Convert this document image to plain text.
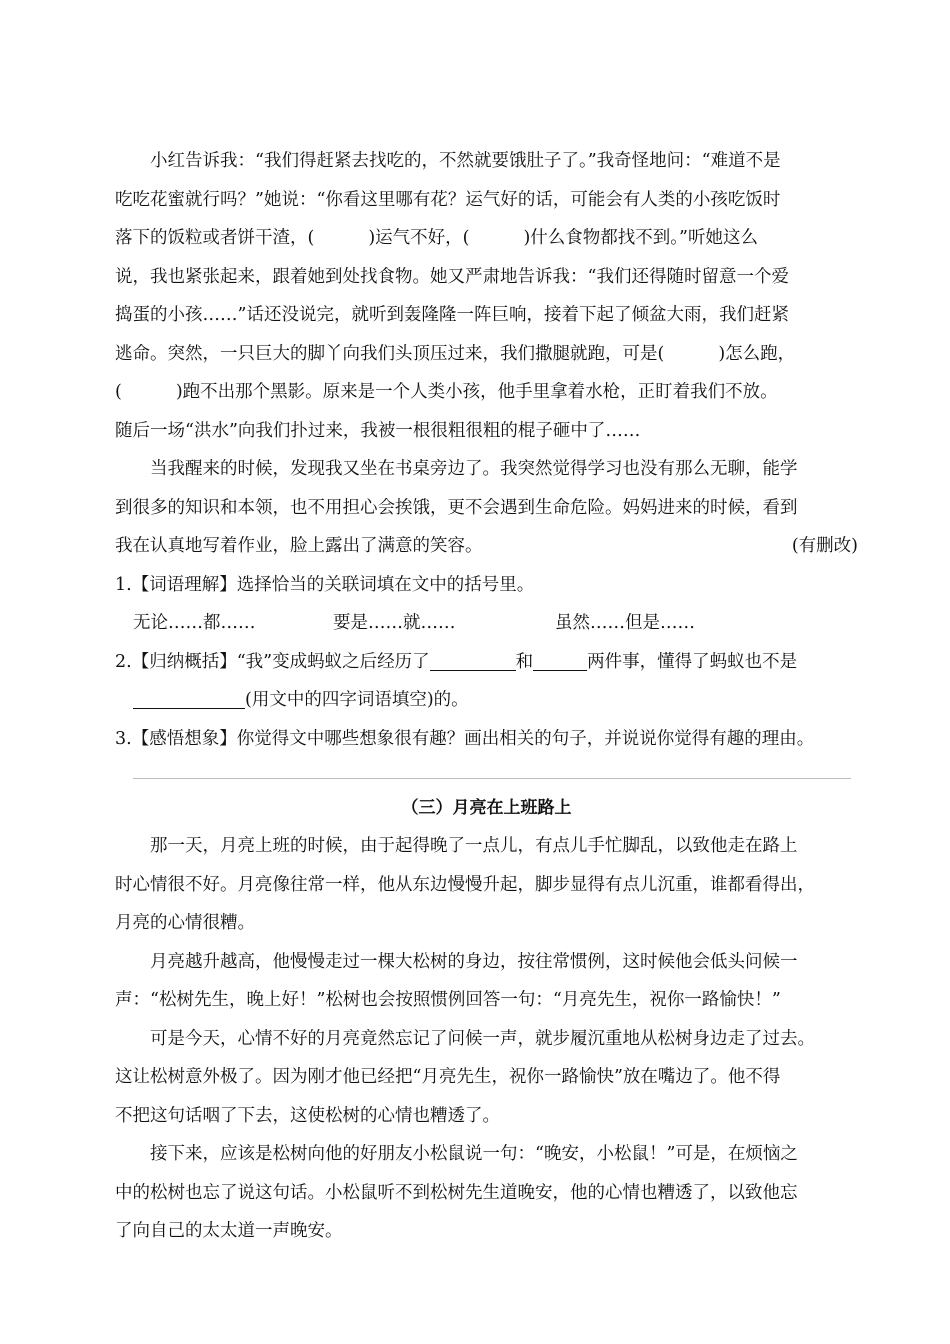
小红告诉我：“我们得赶紧去找吃的，不然就要饿肚子了。”我奇怪地问：“难道不是
吃吃花蜜就行吗？”她说：“你看这里哪有花？运气好的话，可能会有人类的小孩吃饭时
落下的饭粒或者饼干渣，(	)运气不好，(	)什么食物都找不到。”听她这么
说，我也紧张起来，跟着她到处找食物。她又严肃地告诉我：“我们还得随时留意一个爱
捣蛋的小孩……”话还没说完，就听到轰隆隆一阵巨响，接着下起了倾盆大雨，我们赶紧
逃命。突然，一只巨大的脚丫向我们头顶压过来，我们撒腿就跑，可是(	)怎么跑，
(	)跑不出那个黑影。原来是一个人类小孩，他手里拿着水枪，正盯着我们不放。
随后一场“洪水”向我们扑过来，我被一根很粗很粗的棍子砸中了……
当我醒来的时候，发现我又坐在书桌旁边了。我突然觉得学习也没有那么无聊，能学
到很多的知识和本领，也不用担心会挨饿，更不会遇到生命危险。妈妈进来的时候，看到
我在认真地写着作业，脸上露出了满意的笑容。	(有删改)

1.【词语理解】选择恰当的关联词填在文中的括号里。

无论……都……	要是……就……	虽然……但是……

2.【归纳概括】“我”变成蚂蚁之后经历了	和	两件事，懂得了蚂蚁也不是

(用文中的四字词语填空)的。

3.【感悟想象】你觉得文中哪些想象很有趣？画出相关的句子，并说说你觉得有趣的理由。

（三）月亮在上班路上
那一天，月亮上班的时候，由于起得晚了一点儿，有点儿手忙脚乱，以致他走在路上
时心情很不好。月亮像往常一样，他从东边慢慢升起，脚步显得有点儿沉重，谁都看得出，
月亮的心情很糟。
月亮越升越高，他慢慢走过一棵大松树的身边，按往常惯例，这时候他会低头问候一
声：“松树先生，晚上好！”松树也会按照惯例回答一句：“月亮先生，祝你一路愉快！”
可是今天，心情不好的月亮竟然忘记了问候一声，就步履沉重地从松树身边走了过去。
这让松树意外极了。因为刚才他已经把“月亮先生，祝你一路愉快”放在嘴边了。他不得
不把这句话咽了下去，这使松树的心情也糟透了。
接下来，应该是松树向他的好朋友小松鼠说一句：“晚安，小松鼠！”可是，在烦恼之
中的松树也忘了说这句话。小松鼠听不到松树先生道晚安，他的心情也糟透了，以致他忘
了向自己的太太道一声晚安。
